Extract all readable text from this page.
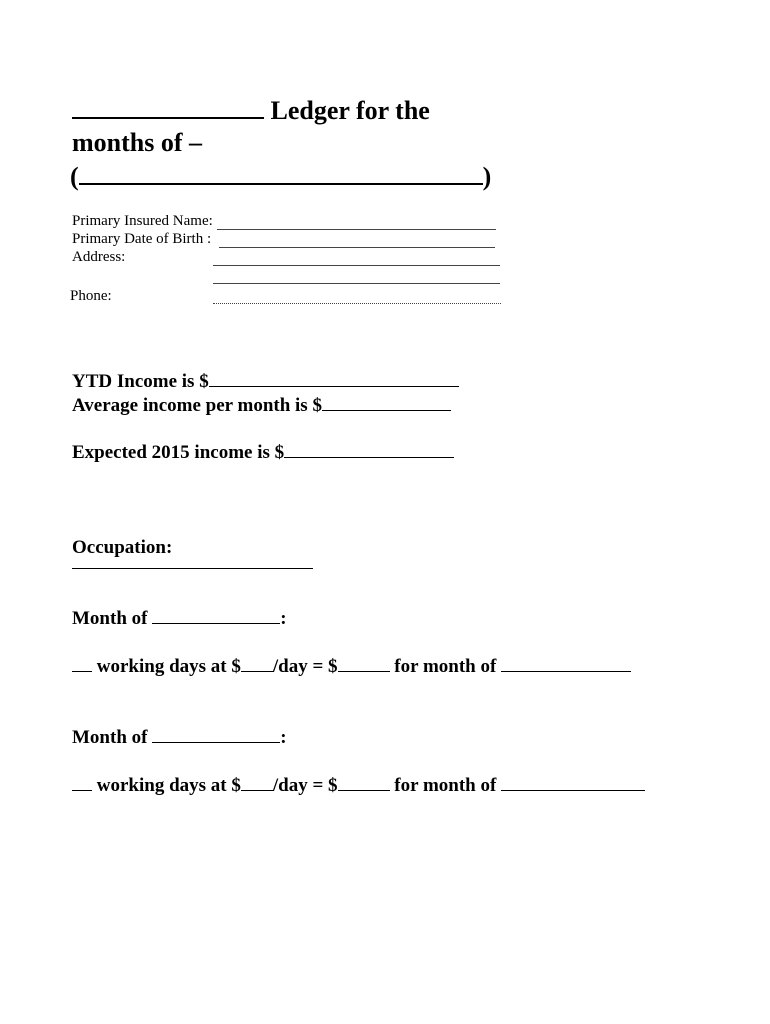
Ledger for the
months of –
(	)
Primary Insured Name:
Primary Date of Birth :
Address:
Phone:
YTD Income is $
Average income per month is $
Expected 2015 income is $
Occupation:
Month of	:
working days at $ /day = $	for month of
Month of	:
working days at $ /day = $	for month of
